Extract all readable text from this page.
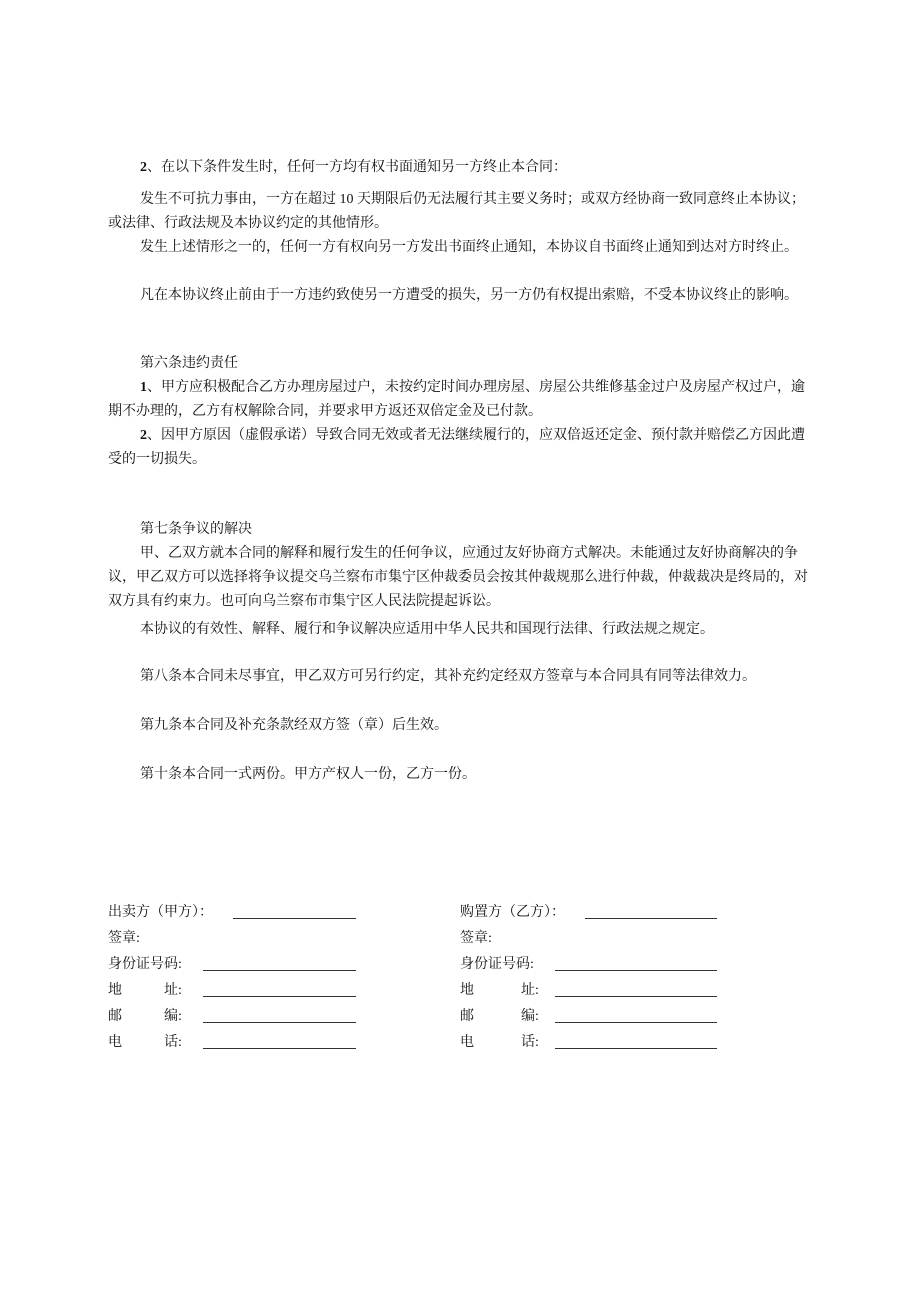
2、在以下条件发生时，任何一方均有权书面通知另一方终止本合同：

发生不可抗力事由，一方在超过 10 天期限后仍无法履行其主要义务时；或双方经协商一致同意终止本协议；或法律、行政法规及本协议约定的其他情形。

发生上述情形之一的，任何一方有权向另一方发出书面终止通知，本协议自书面终止通知到达对方时终止。

凡在本协议终止前由于一方违约致使另一方遭受的损失，另一方仍有权提出索赔，不受本协议终止的影响。

第六条违约责任

1、甲方应积极配合乙方办理房屋过户，未按约定时间办理房屋、房屋公共维修基金过户及房屋产权过户，逾期不办理的，乙方有权解除合同，并要求甲方返还双倍定金及已付款。

2、因甲方原因（虚假承诺）导致合同无效或者无法继续履行的，应双倍返还定金、预付款并赔偿乙方因此遭受的一切损失。

第七条争议的解决

甲、乙双方就本合同的解释和履行发生的任何争议，应通过友好协商方式解决。未能通过友好协商解决的争议，甲乙双方可以选择将争议提交乌兰察布市集宁区仲裁委员会按其仲裁规那么进行仲裁，仲裁裁决是终局的，对双方具有约束力。也可向乌兰察布市集宁区人民法院提起诉讼。

本协议的有效性、解释、履行和争议解决应适用中华人民共和国现行法律、行政法规之规定。

第八条本合同未尽事宜，甲乙双方可另行约定，其补充约定经双方签章与本合同具有同等法律效力。

第九条本合同及补充条款经双方签（章）后生效。

第十条本合同一式两份。甲方产权人一份，乙方一份。

出卖方（甲方）：
签章:
身份证号码:
地	址:
邮	编:
电	话:
购置方（乙方）：
签章:
身份证号码:
地	址:
邮	编:
电	话:
